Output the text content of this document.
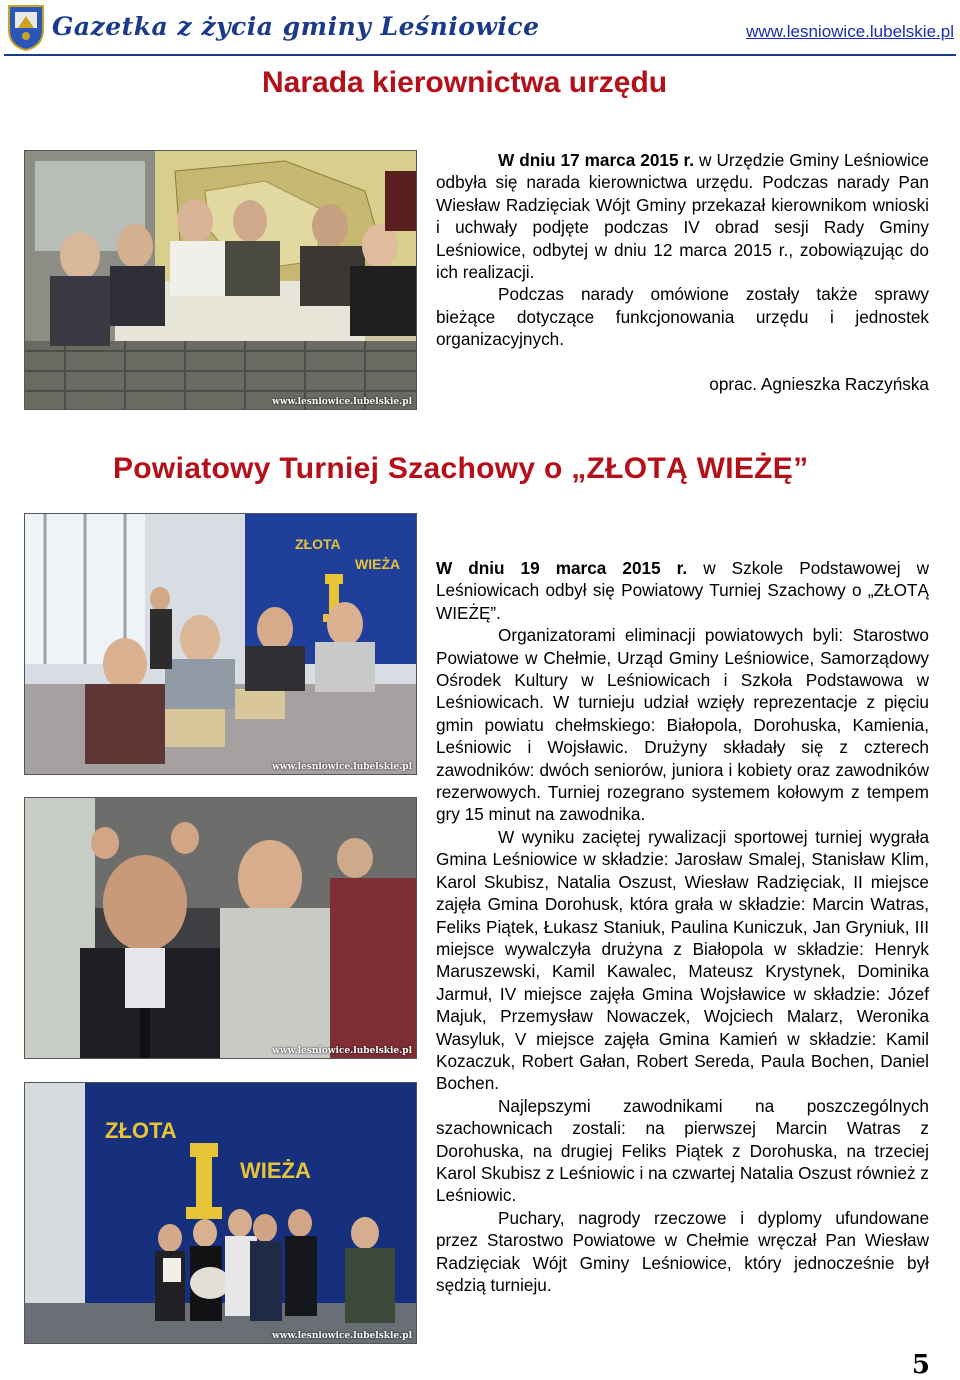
Gazetka z życia gminy Leśniowice	www.lesniowice.lubelskie.pl
Narada kierownictwa urzędu
www.lesniowice.lubelskie.pl

W dniu 17 marca 2015 r. w Urzędzie Gminy Leśniowice odbyła się narada kierownictwa urzędu. Podczas narady Pan Wiesław Radzięciak Wójt Gminy przekazał kierownikom wnioski i uchwały podjęte podczas IV obrad sesji Rady Gminy Leśniowice, odbytej w dniu 12 marca 2015 r., zobowiązując do ich realizacji.

Podczas narady omówione zostały także sprawy bieżące dotyczące funkcjonowania urzędu i jednostek organizacyjnych.

oprac. Agnieszka Raczyńska

Powiatowy Turniej Szachowy o „ZŁOTĄ WIEŻĘ”
ZŁOTA
WIEŻA
www.lesniowice.lubelskie.pl
www.lesniowice.lubelskie.pl
ZŁOTA
WIEŻA
www.lesniowice.lubelskie.pl

W dniu 19 marca 2015 r. w Szkole Podstawowej w Leśniowicach odbył się Powiatowy Turniej Szachowy o „ZŁOTĄ WIEŻĘ”.

Organizatorami eliminacji powiatowych byli: Starostwo Powiatowe w Chełmie, Urząd Gminy Leśniowice, Samorządowy Ośrodek Kultury w Leśniowicach i Szkoła Podstawowa w Leśniowicach. W turnieju udział wzięły reprezentacje z pięciu gmin powiatu chełmskiego: Białopola, Dorohuska, Kamienia, Leśniowic i Wojsławic. Drużyny składały się z czterech zawodników: dwóch seniorów, juniora i kobiety oraz zawodników rezerwowych. Turniej rozegrano systemem kołowym z tempem gry 15 minut na zawodnika.

W wyniku zaciętej rywalizacji sportowej turniej wygrała Gmina Leśniowice w składzie: Jarosław Smalej, Stanisław Klim, Karol Skubisz, Natalia Oszust, Wiesław Radzięciak, II miejsce zajęła Gmina Dorohusk, która grała w składzie: Marcin Watras, Feliks Piątek, Łukasz Staniuk, Paulina Kuniczuk, Jan Gryniuk, III miejsce wywalczyła drużyna z Białopola w składzie: Henryk Maruszewski, Kamil Kawalec, Mateusz Krystynek, Dominika Jarmuł, IV miejsce zajęła Gmina Wojsławice w składzie: Józef Majuk, Przemysław Nowaczek, Wojciech Malarz, Weronika Wasyluk, V miejsce zajęła Gmina Kamień w składzie: Kamil Kozaczuk, Robert Gałan, Robert Sereda, Paula Bochen, Daniel Bochen.

Najlepszymi zawodnikami na poszczególnych szachownicach zostali: na pierwszej Marcin Watras z Dorohuska, na drugiej Feliks Piątek z Dorohuska, na trzeciej Karol Skubisz z Leśniowic i na czwartej Natalia Oszust również z Leśniowic.

Puchary, nagrody rzeczowe i dyplomy ufundowane przez Starostwo Powiatowe w Chełmie wręczał Pan Wiesław Radzięciak Wójt Gminy Leśniowice, który jednocześnie był sędzią turnieju.

5
